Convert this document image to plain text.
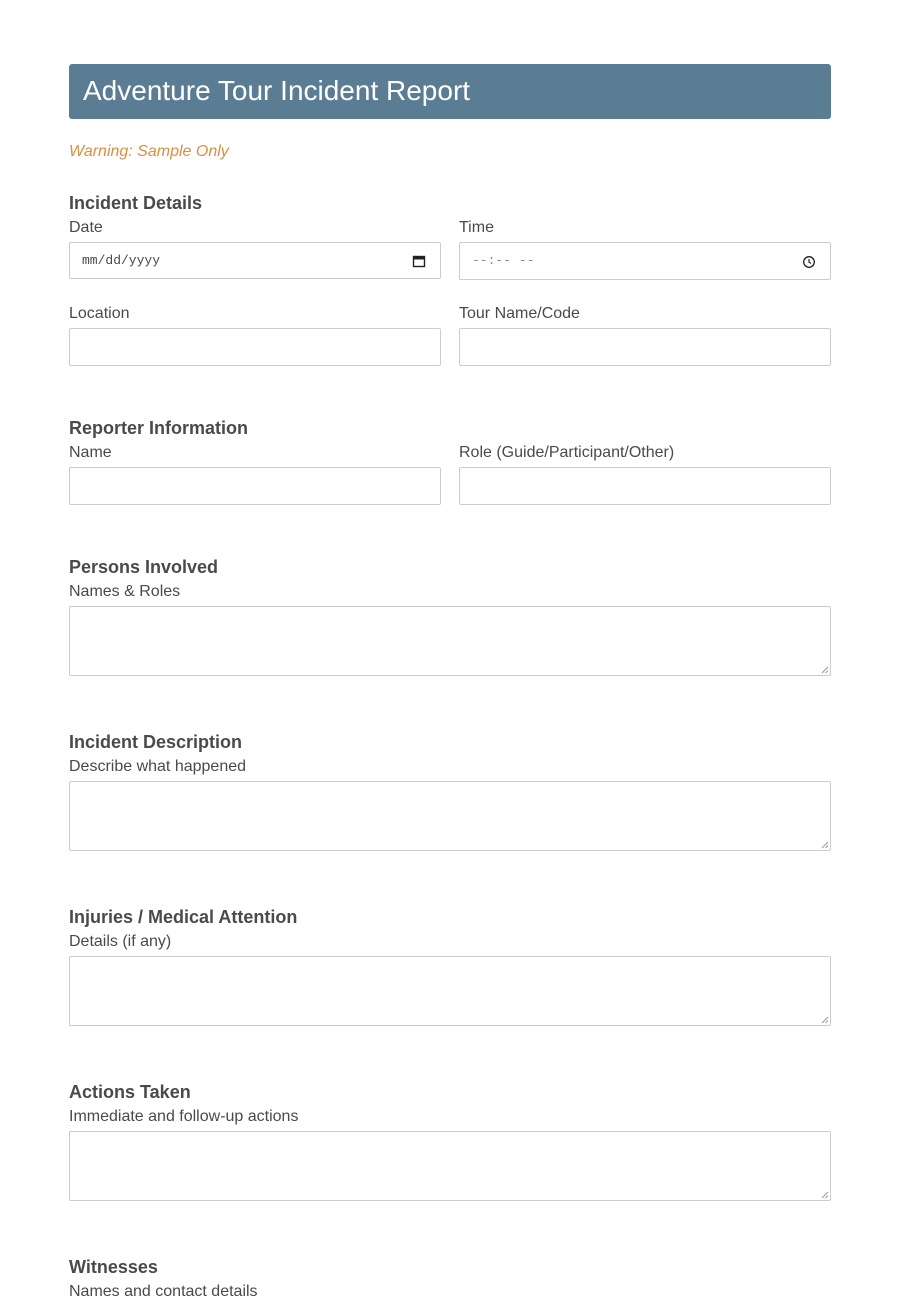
Adventure Tour Incident Report
Warning: Sample Only
Incident Details
Date
mm/dd/yyyy
Time
--:-- --
Location	Tour Name/Code
Reporter Information
Name	Role (Guide/Participant/Other)
Persons Involved
Names & Roles
Incident Description
Describe what happened
Injuries / Medical Attention
Details (if any)
Actions Taken
Immediate and follow-up actions
Witnesses
Names and contact details
